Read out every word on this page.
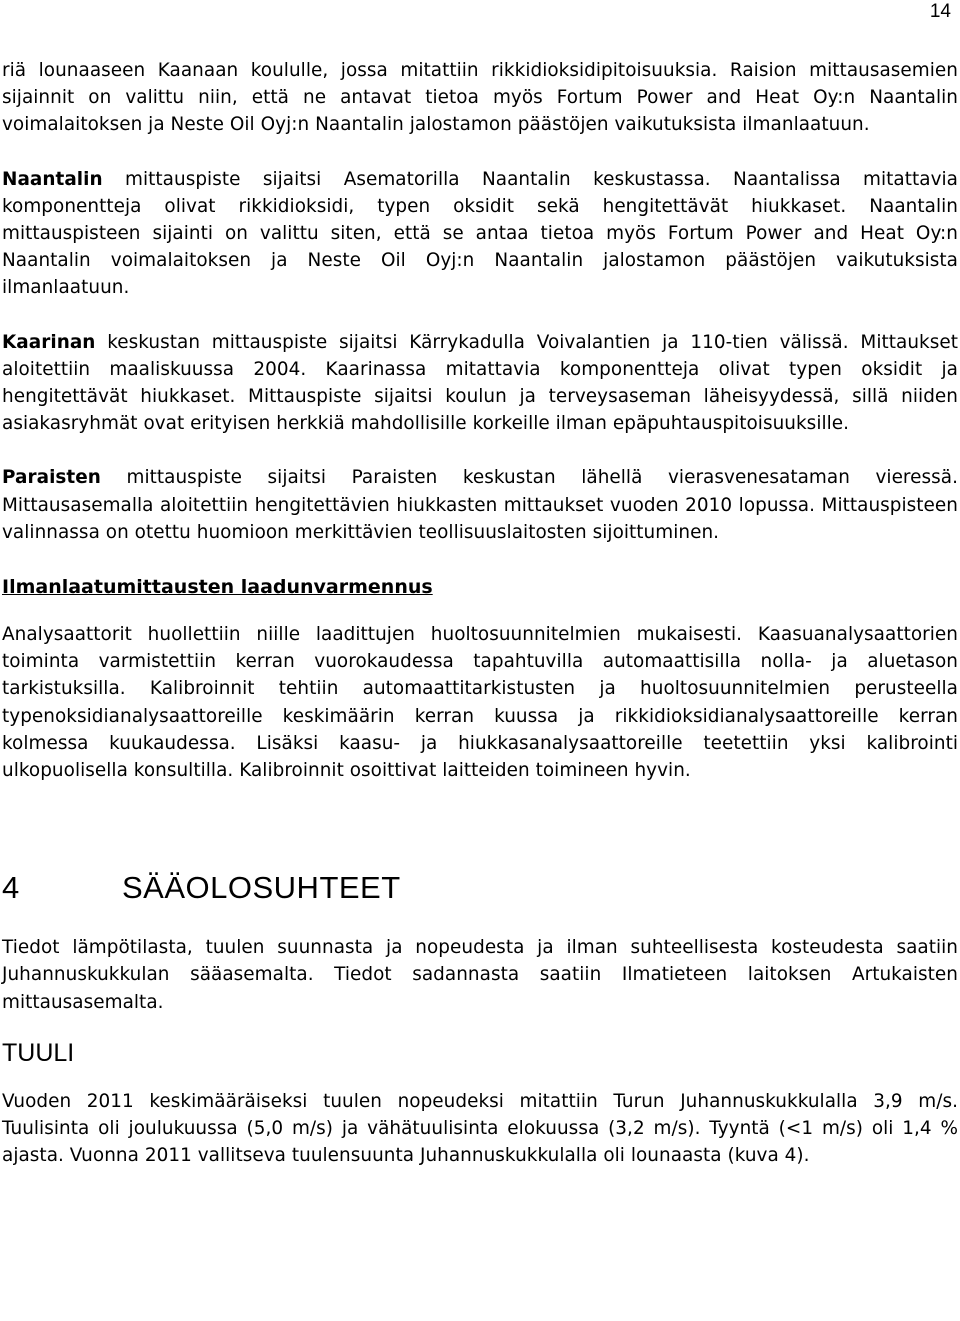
14

riä lounaaseen Kaanaan koululle, jossa mitattiin rikkidioksidipitoisuuksia. Raision mittausasemien sijainnit on valittu niin, että ne antavat tietoa myös Fortum Power and Heat Oy:n Naantalin voimalaitoksen ja Neste Oil Oyj:n Naantalin jalostamon päästöjen vaikutuksista ilmanlaatuun.

Naantalin mittauspiste sijaitsi Asematorilla Naantalin keskustassa. Naantalissa mitattavia komponentteja olivat rikkidioksidi, typen oksidit sekä hengitettävät hiukkaset. Naantalin mittauspisteen sijainti on valittu siten, että se antaa tietoa myös Fortum Power and Heat Oy:n Naantalin voimalaitoksen ja Neste Oil Oyj:n Naantalin jalostamon päästöjen vaikutuksista ilmanlaatuun.

Kaarinan keskustan mittauspiste sijaitsi Kärrykadulla Voivalantien ja 110-tien välissä. Mittaukset aloitettiin maaliskuussa 2004. Kaarinassa mitattavia komponentteja olivat typen oksidit ja hengitettävät hiukkaset. Mittauspiste sijaitsi koulun ja terveysaseman läheisyydessä, sillä niiden asiakasryhmät ovat erityisen herkkiä mahdollisille korkeille ilman epäpuhtauspitoisuuksille.

Paraisten mittauspiste sijaitsi Paraisten keskustan lähellä vierasvenesataman vieressä. Mittausasemalla aloitettiin hengitettävien hiukkasten mittaukset vuoden 2010 lopussa. Mittauspisteen valinnassa on otettu huomioon merkittävien teollisuuslaitosten sijoittuminen.

Ilmanlaatumittausten laadunvarmennus

Analysaattorit huollettiin niille laadittujen huoltosuunnitelmien mukaisesti. Kaasuanalysaattorien toiminta varmistettiin kerran vuorokaudessa tapahtuvilla automaattisilla nolla- ja aluetason tarkistuksilla. Kalibroinnit tehtiin automaattitarkistusten ja huoltosuunnitelmien perusteella typenoksidianalysaattoreille keskimäärin kerran kuussa ja rikkidioksidianalysaattoreille kerran kolmessa kuukaudessa. Lisäksi kaasu- ja hiukkasanalysaattoreille teetettiin yksi kalibrointi ulkopuolisella konsultilla. Kalibroinnit osoittivat laitteiden toimineen hyvin.

4	SÄÄOLOSUHTEET

Tiedot lämpötilasta, tuulen suunnasta ja nopeudesta ja ilman suhteellisesta kosteudesta saatiin Juhannuskukkulan sääasemalta. Tiedot sadannasta saatiin Ilmatieteen laitoksen Artukaisten mittausasemalta.

TUULI

Vuoden 2011 keskimääräiseksi tuulen nopeudeksi mitattiin Turun Juhannuskukkulalla 3,9 m/s. Tuulisinta oli joulukuussa (5,0 m/s) ja vähätuulisinta elokuussa (3,2 m/s). Tyyntä (<1 m/s) oli 1,4 % ajasta. Vuonna 2011 vallitseva tuulensuunta Juhannuskukkulalla oli lounaasta (kuva 4).
